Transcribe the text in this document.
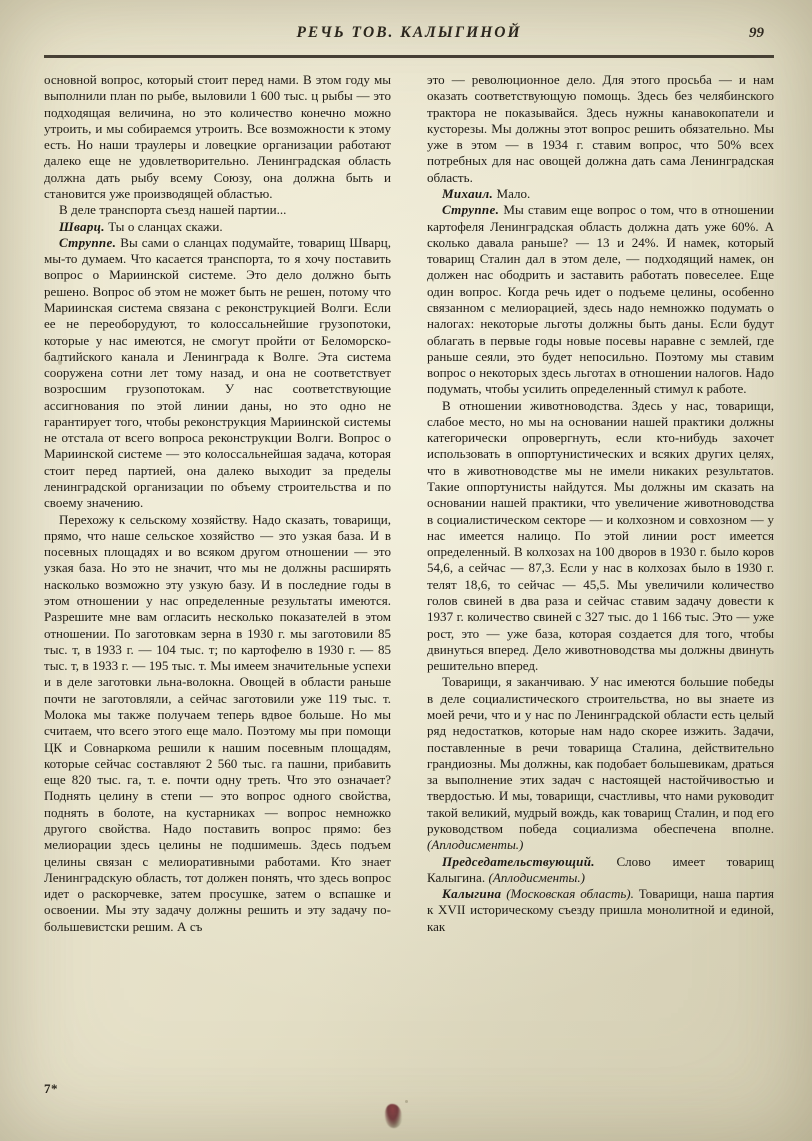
РЕЧЬ ТОВ. КАЛЫГИНОЙ	99

основной вопрос, который стоит перед нами. В этом году мы выполнили план по рыбе, выловили 1 600 тыс. ц рыбы — это подходящая величина, но это количество конечно можно утроить, и мы собираемся утроить. Все возможности к этому есть. Но наши траулеры и ловецкие организации работают далеко еще не удовлетворительно. Ленинградская область должна дать рыбу всему Союзу, она должна быть и становится уже производящей областью.

В деле транспорта съезд нашей партии...

Шварц. Ты о сланцах скажи.

Струппе. Вы сами о сланцах подумайте, товарищ Шварц, мы-то думаем. Что касается транспорта, то я хочу поставить вопрос о Мариинской системе. Это дело должно быть решено. Вопрос об этом не может быть не решен, потому что Мариинская система связана с реконструкцией Волги. Если ее не переоборудуют, то колоссальнейшие грузопотоки, которые у нас имеются, не смогут пройти от Беломорско-балтийского канала и Ленинграда к Волге. Эта система сооружена сотни лет тому назад, и она не соответствует возросшим грузопотокам. У нас соответствующие ассигнования по этой линии даны, но это одно не гарантирует того, чтобы реконструкция Мариинской системы не отстала от всего вопроса реконструкции Волги. Вопрос о Мариинской системе — это колоссальнейшая задача, которая стоит перед партией, она далеко выходит за пределы ленинградской организации по объему строительства и по своему значению.

Перехожу к сельскому хозяйству. Надо сказать, товарищи, прямо, что наше сельское хозяйство — это узкая база. И в посевных площадях и во всяком другом отношении — это узкая база. Но это не значит, что мы не должны расширять насколько возможно эту узкую базу. И в последние годы в этом отношении у нас определенные результаты имеются. Разрешите мне вам огласить несколько показателей в этом отношении. По заготовкам зерна в 1930 г. мы заготовили 85 тыс. т, в 1933 г. — 104 тыс. т; по картофелю в 1930 г. — 85 тыс. т, в 1933 г. — 195 тыс. т. Мы имеем значительные успехи и в деле заготовки льна-волокна. Овощей в области раньше почти не заготовляли, а сейчас заготовили уже 119 тыс. т. Молока мы также получаем теперь вдвое больше. Но мы считаем, что всего этого еще мало. Поэтому мы при помощи ЦК и Совнаркома решили к нашим посевным площадям, которые сейчас составляют 2 560 тыс. га пашни, прибавить еще 820 тыс. га, т. е. почти одну треть. Что это означает? Поднять целину в степи — это вопрос одного свойства, поднять в болоте, на кустарниках — вопрос немножко другого свойства. Надо поставить вопрос прямо: без мелиорации здесь целины не подшимешь. Здесь подъем целины связан с мелиоративными работами. Кто знает Ленинградскую область, тот должен понять, что здесь вопрос идет о раскорчевке, затем просушке, затем о вспашке и освоении. Мы эту задачу должны решить и эту задачу по-большевистски решим. А съ

это — революционное дело. Для этого просьба — и нам оказать соответствующую помощь. Здесь без челябинского трактора не показывайся. Здесь нужны канавокопатели и кусторезы. Мы должны этот вопрос решить обязательно. Мы уже в этом — в 1934 г. ставим вопрос, что 50% всех потребных для нас овощей должна дать сама Ленинградская область.

Михаил. Мало.

Струппе. Мы ставим еще вопрос о том, что в отношении картофеля Ленинградская область должна дать уже 60%. А сколько давала раньше? — 13 и 24%. И намек, который товарищ Сталин дал в этом деле, — подходящий намек, он должен нас ободрить и заставить работать повеселее. Еще один вопрос. Когда речь идет о подъеме целины, особенно связанном с мелиорацией, здесь надо немножко подумать о налогах: некоторые льготы должны быть даны. Если будут облагать в первые годы новые посевы наравне с землей, где раньше сеяли, это будет непосильно. Поэтому мы ставим вопрос о некоторых здесь льготах в отношении налогов. Надо подумать, чтобы усилить определенный стимул к работе.

В отношении животноводства. Здесь у нас, товарищи, слабое место, но мы на основании нашей практики должны категорически опровергнуть, если кто-нибудь захочет использовать в оппортунистических и всяких других целях, что в животноводстве мы не имели никаких результатов. Такие оппортунисты найдутся. Мы должны им сказать на основании нашей практики, что увеличение животноводства в социалистическом секторе — и колхозном и совхозном — у нас имеется налицо. По этой линии рост имеется определенный. В колхозах на 100 дворов в 1930 г. было коров 54,6, а сейчас — 87,3. Если у нас в колхозах было в 1930 г. телят 18,6, то сейчас — 45,5. Мы увеличили количество голов свиней в два раза и сейчас ставим задачу довести к 1937 г. количество свиней с 327 тыс. до 1 166 тыс. Это — уже рост, это — уже база, которая создается для того, чтобы двинуться вперед. Дело животноводства мы должны двинуть решительно вперед.

Товарищи, я заканчиваю. У нас имеются большие победы в деле социалистического строительства, но вы знаете из моей речи, что и у нас по Ленинградской области есть целый ряд недостатков, которые нам надо скорее изжить. Задачи, поставленные в речи товарища Сталина, действительно грандиозны. Мы должны, как подобает большевикам, драться за выполнение этих задач с настоящей настойчивостью и твердостью. И мы, товарищи, счастливы, что нами руководит такой великий, мудрый вождь, как товарищ Сталин, и под его руководством победа социализма обеспечена вполне. (Аплодисменты.)

Председательствующий. Слово имеет товарищ Калыгина. (Аплодисменты.)

Калыгина (Московская область). Товарищи, наша партия к XVII историческому съезду пришла монолитной и единой, как

7*
